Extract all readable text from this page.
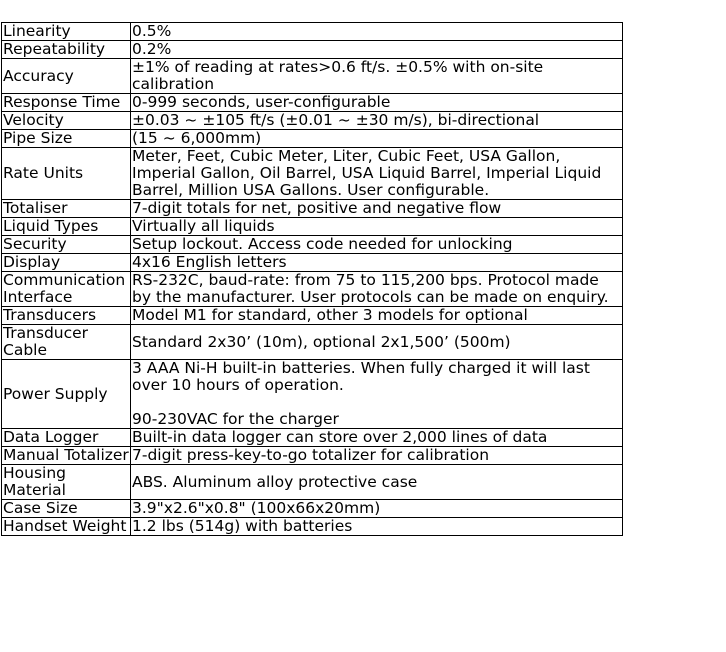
Linearity	0.5%
Repeatability	0.2%
Accuracy	±1% of reading at rates>0.6 ft/s. ±0.5% with on-site calibration
Response Time	0-999 seconds, user-configurable
Velocity	±0.03 ~ ±105 ft/s (±0.01 ~ ±30 m/s), bi-directional
Pipe Size	(15 ~ 6,000mm)
Rate Units	Meter, Feet, Cubic Meter, Liter, Cubic Feet, USA Gallon, Imperial Gallon, Oil Barrel, USA Liquid Barrel, Imperial Liquid Barrel, Million USA Gallons. User configurable.
Totaliser	7-digit totals for net, positive and negative flow
Liquid Types	Virtually all liquids
Security	Setup lockout. Access code needed for unlocking
Display	4x16 English letters
Communication Interface	RS-232C, baud-rate: from 75 to 115,200 bps. Protocol made by the manufacturer. User protocols can be made on enquiry.
Transducers	Model M1 for standard, other 3 models for optional
Transducer Cable	Standard 2x30’ (10m), optional 2x1,500’ (500m)
Power Supply	3 AAA Ni-H built-in batteries. When fully charged it will last over 10 hours of operation.

90-230VAC for the charger
Data Logger	Built-in data logger can store over 2,000 lines of data
Manual Totalizer	7-digit press-key-to-go totalizer for calibration
Housing Material	ABS. Aluminum alloy protective case
Case Size	3.9"x2.6"x0.8" (100x66x20mm)
Handset Weight	1.2 lbs (514g) with batteries
